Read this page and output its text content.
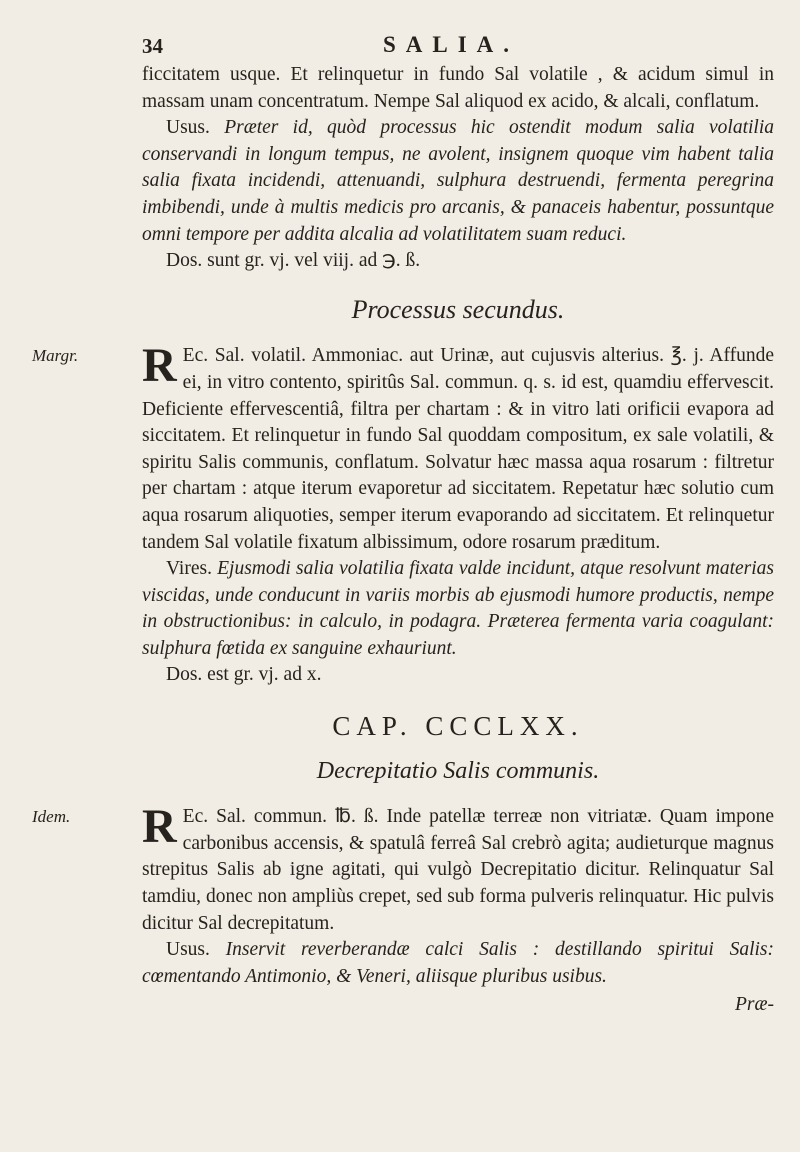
34	SALIA.

ficcitatem usque. Et relinquetur in fundo Sal volatile , & acidum simul in massam unam concentratum. Nempe Sal aliquod ex acido, & alcali, conflatum.

Usus. Præter id, quòd processus hic ostendit modum salia volatilia conservandi in longum tempus, ne avolent, insignem quoque vim habent talia salia fixata incidendi, attenuandi, sulphura destruendi, fermenta peregrina imbibendi, unde à multis medicis pro arcanis, & panaceis habentur, possuntque omni tempore per addita alcalia ad volatilitatem suam reduci.

Dos. sunt gr. vj. vel viij. ad ℈. ß.

Processus secundus.
Margr. R Ec. Sal. volatil. Ammoniac. aut Urinæ, aut cujusvis alterius. ℥. j. Affunde ei, in vitro contento, spiritûs Sal. commun. q. s. id est, quamdiu effervescit. Deficiente effervescentiâ, filtra per chartam : & in vitro lati orificii evapora ad siccitatem. Et relinquetur in fundo Sal quoddam compositum, ex sale volatili, & spiritu Salis communis, conflatum. Solvatur hæc massa aqua rosarum : filtretur per chartam : atque iterum evaporetur ad siccitatem. Repetatur hæc solutio cum aqua rosarum aliquoties, semper iterum evaporando ad siccitatem. Et relinquetur tandem Sal volatile fixatum albissimum, odore rosarum præditum.

Vires. Ejusmodi salia volatilia fixata valde incidunt, atque resolvunt materias viscidas, unde conducunt in variis morbis ab ejusmodi humore productis, nempe in obstructionibus: in calculo, in podagra. Præterea fermenta varia coagulant: sulphura fœtida ex sanguine exhauriunt.

Dos. est gr. vj. ad x.

CAP. CCCLXX.
Decrepitatio Salis communis.
Idem. R Ec. Sal. commun. ℔. ß. Inde patellæ terreæ non vitriatæ. Quam impone carbonibus accensis, & spatulâ ferreâ Sal crebrò agita; audieturque magnus strepitus Salis ab igne agitati, qui vulgò Decrepitatio dicitur. Relinquatur Sal tamdiu, donec non ampliùs crepet, sed sub forma pulveris relinquatur. Hic pulvis dicitur Sal decrepitatum.

Usus. Inservit reverberandæ calci Salis : destillando spiritui Salis: cœmentando Antimonio, & Veneri, aliisque pluribus usibus.

Præ-
